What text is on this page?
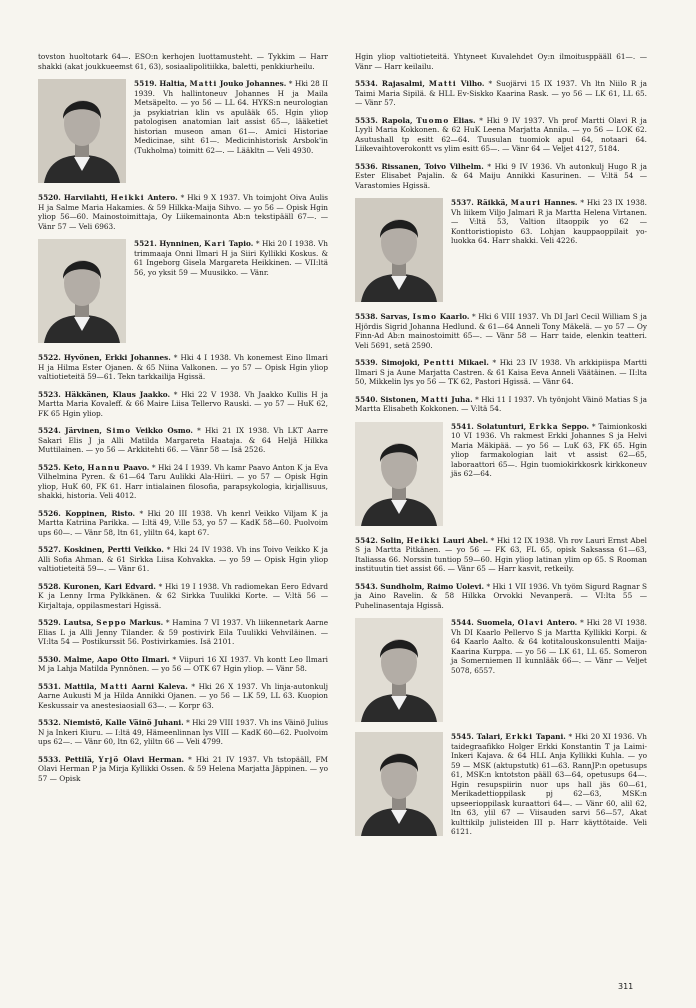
tovston huoltotark 64—. ESO:n kerhojen luottamusteht. — Tykkim — Harr shakki (akat joukkueemst 61, 63), sosiaalipolitiikka, baletti, penkkiurheilu.
5519. Haltia, Matti Jouko Johannes. * Hki 28 II 1939. Vh hallintoneuv Johannes H ja Maila Metsäpelto. — yo 56 — LL 64. HYKS:n neurologian ja psykiatrian klin vs apulääk 65. Hgin yliop patologisen anatomian lait assist 65—, lääketiet historian museon aman 61—. Amici Historiae Medicinae, siht 61—. Medicinhistorisk Arsbok'in (Tukholma) toimitt 62—. — Lääkltn — Veli 4930.
5520. Harvilahti, Heikki Antero. * Hki 9 X 1937. Vh toimjoht Oiva Aulis H ja Salme Maria Hakamies. & 59 Hilkka-Maija Sihvo. — yo 56 — Opisk Hgin yliop 56—60. Mainostoimittaja, Oy Liikemainonta Ab:n tekstipääll 67—. — Vänr 57 — Veli 6963.
5521. Hynninen, Kari Tapio. * Hki 20 I 1938. Vh trimmaaja Onni Ilmari H ja Siiri Kyllikki Koskus. & 61 Ingeborg Gisela Margareta Heikkinen. — VII:ltä 56, yo yksit 59 — Muusikko. — Vänr.
5522. Hyvönen, Erkki Johannes. * Hki 4 I 1938. Vh konemest Eino Ilmari H ja Hilma Ester Ojanen. & 65 Niina Valkonen. — yo 57 — Opisk Hgin yliop valtiotieteitä 59—61. Tekn tarkkailija Hgissä.
5523. Häkkänen, Klaus Jaakko. * Hki 22 V 1938. Vh Jaakko Kullis H ja Martta Maria Kovaleff. & 66 Maire Liisa Tellervo Rauski. — yo 57 — HuK 62, FK 65 Hgin yliop.
5524. Järvinen, Simo Veikko Osmo. * Hki 21 IX 1938. Vh LKT Aarre Sakari Elis J ja Alli Matilda Margareta Haataja. & 64 Heljä Hilkka Muttilainen. — yo 56 — Arkkitehti 66. — Vänr 58 — Isä 2526.
5525. Keto, Hannu Paavo. * Hki 24 I 1939. Vh kamr Paavo Anton K ja Eva Vilhelmina Pyren. & 61—64 Taru Aulikki Ala-Hiiri. — yo 57 — Opisk Hgin yliop, HuK 60, FK 61. Harr intialainen filosofia, parapsykologia, kirjallisuus, shakki, historia. Veli 4012.
5526. Koppinen, Risto. * Hki 20 III 1938. Vh kenrl Veikko Viljam K ja Martta Katriina Parikka. — I:ltä 49, V:lle 53, yo 57 — KadK 58—60. Puolvoim ups 60—. — Vänr 58, ltn 61, yliltn 64, kapt 67.
5527. Koskinen, Pertti Veikko. * Hki 24 IV 1938. Vh ins Toivo Veikko K ja Alli Sofia Ahman. & 61 Sirkka Liisa Kohvakka. — yo 59 — Opisk Hgin yliop valtiotieteitä 59—. — Vänr 61.
5528. Kuronen, Kari Edvard. * Hki 19 I 1938. Vh radiomekan Eero Edvard K ja Lenny Irma Pylkkänen. & 62 Sirkka Tuulikki Korte. — V:ltä 56 — Kirjaltaja, oppilasmestari Hgissä.
5529. Lautsa, Seppo Markus. * Hamina 7 VI 1937. Vh liikennetark Aarne Elias L ja Alli Jenny Tilander. & 59 postivirk Eila Tuulikki Vehviläinen. — VI:lta 54 — Postikurssit 56. Postivirkamies. Isä 2101.
5530. Malme, Aapo Otto Ilmari. * Viipuri 16 XI 1937. Vh kontt Leo Ilmari M ja Lahja Matilda Pynnönen. — yo 56 — OTK 67 Hgin yliop. — Vänr 58.
5531. Mattila, Matti Aarni Kaleva. * Hki 26 X 1937. Vh linja-autonkulj Aarne Aukusti M ja Hilda Annikki Ojanen. — yo 56 — LK 59, LL 63. Kuopion Keskussair va anestesiaosiall 63—. — Korpr 63.
5532. Niemistö, Kalle Väinö Juhani. * Hki 29 VIII 1937. Vh ins Väinö Julius N ja Inkeri Kiuru. — I:ltä 49, Hämeenlinnan lys VIII — KadK 60—62. Puolvoim ups 62—. — Vänr 60, ltn 62, yliltn 66 — Veli 4799.
5533. Pettilä, Yrjö Olavi Herman. * Hki 21 IV 1937. Vh tstopääll, FM Olavi Herman P ja Mirja Kyllikki Ossen. & 59 Helena Marjatta Jäppinen. — yo 57 — Opisk
Hgin yliop valtiotieteitä. Yhtyneet Kuvalehdet Oy:n ilmoitusppääll 61—. — Vänr — Harr keilailu.
5534. Rajasalmi, Matti Vilho. * Suojärvi 15 IX 1937. Vh ltn Niilo R ja Taimi Maria Sipilä. & HLL Ev-Siskko Kaarina Rask. — yo 56 — LK 61, LL 65. — Vänr 57.
5535. Rapola, Tuomo Elias. * Hki 9 IV 1937. Vh prof Martti Olavi R ja Lyyli Maria Kokkonen. & 62 HuK Leena Marjatta Annila. — yo 56 — LOK 62. Asutushall tp esitt 62—64. Tuusulan tuomiok apul 64, notaari 64. Liikevaihtoverokontt vs ylim esitt 65—. — Vänr 64 — Veljet 4127, 5184.
5536. Rissanen, Toivo Vilhelm. * Hki 9 IV 1936. Vh autonkulj Hugo R ja Ester Elisabet Pajalin. & 64 Maiju Annikki Kasurinen. — V:ltä 54 — Varastomies Hgissä.
5537. Räikkä, Mauri Hannes. * Hki 23 IX 1938. Vh liikem Viljo Jalmari R ja Martta Helena Virtanen. — V:ltä 53, Valtion iltaoppik yo 62 — Konttoristiopisto 63. Lohjan kauppaoppilait yo-luokka 64. Harr shakki. Veli 4226.
5538. Sarvas, Ismo Kaarlo. * Hki 6 VIII 1937. Vh DI Jarl Cecil William S ja Hjördis Sigrid Johanna Hedlund. & 61—64 Anneli Tony Mäkelä. — yo 57 — Oy Finn-Ad Ab:n mainostoimitt 65—. — Vänr 58 — Harr taide, elenkin teatteri. Veli 5691, setä 2590.
5539. Simojoki, Pentti Mikael. * Hki 23 IV 1938. Vh arkkipiispa Martti Ilmari S ja Aune Marjatta Castren. & 61 Kaisa Eeva Anneli Väätäinen. — II:lta 50, Mikkelin lys yo 56 — TK 62, Pastori Hgissä. — Vänr 64.
5540. Sistonen, Matti Juha. * Hki 11 I 1937. Vh työnjoht Väinö Matias S ja Martta Elisabeth Kokkonen. — V:ltä 54.
5541. Solatunturi, Erkka Seppo. * Taimionkoski 10 VI 1936. Vh rakmest Erkki Johannes S ja Helvi Maria Mäkipää. — yo 56 — LuK 63, FK 65. Hgin yliop farmakologian lait vt assist 62—65, laboraattori 65—. Hgin tuomiokirkkosrk kirkkoneuv jäs 62—64.
5542. Solin, Heikki Lauri Abel. * Hki 12 IX 1938. Vh rov Lauri Ernst Abel S ja Martta Pitkänen. — yo 56 — FK 63, FL 65, opisk Saksassa 61—63, Italiassa 66. Norssin tuntiop 59—60. Hgin yliop latinan ylim op 65. S Rooman instituutin tiet assist 66. — Vänr 65 — Harr kasvit, retkeily.
5543. Sundholm, Raimo Uolevi. * Hki 1 VII 1936. Vh työm Sigurd Ragnar S ja Aino Ravelin. & 58 Hilkka Orvokki Nevanperä. — VI:lta 55 — Puhelinasentaja Hgissä.
5544. Suomela, Olavi Antero. * Hki 28 VI 1938. Vh DI Kaarlo Pellervo S ja Martta Kyllikki Korpi. & 64 Kaarlo Aalto. & 64 kotitalouskonsulentti Maija-Kaarina Kurppa. — yo 56 — LK 61, LL 65. Someron ja Somerniemen II kunnlääk 66—. — Vänr — Veljet 5078, 6557.
5545. Talari, Erkki Tapani. * Hki 20 XI 1936. Vh taidegraafikko Holger Erkki Konstantin T ja Laimi-Inkeri Kajava. & 64 HLL Anja Kyllikki Kuhla. — yo 59 — MSK (aktupstutk) 61—63. RannJP:n opetusups 61, MSK:n kntotston pääll 63—64, opetusups 64—. Hgin resupspiirin nuor ups hall jäs 60—61, Merikadettioppilask pj 62—63, MSK:n upseerioppilask kuraattori 64—. — Vänr 60, alil 62, ltn 63, ylil 67 — Viisauden sarvi 56—57, Akat kulttikilp julisteiden III p. Harr käyttötaide. Veli 6121.
311
